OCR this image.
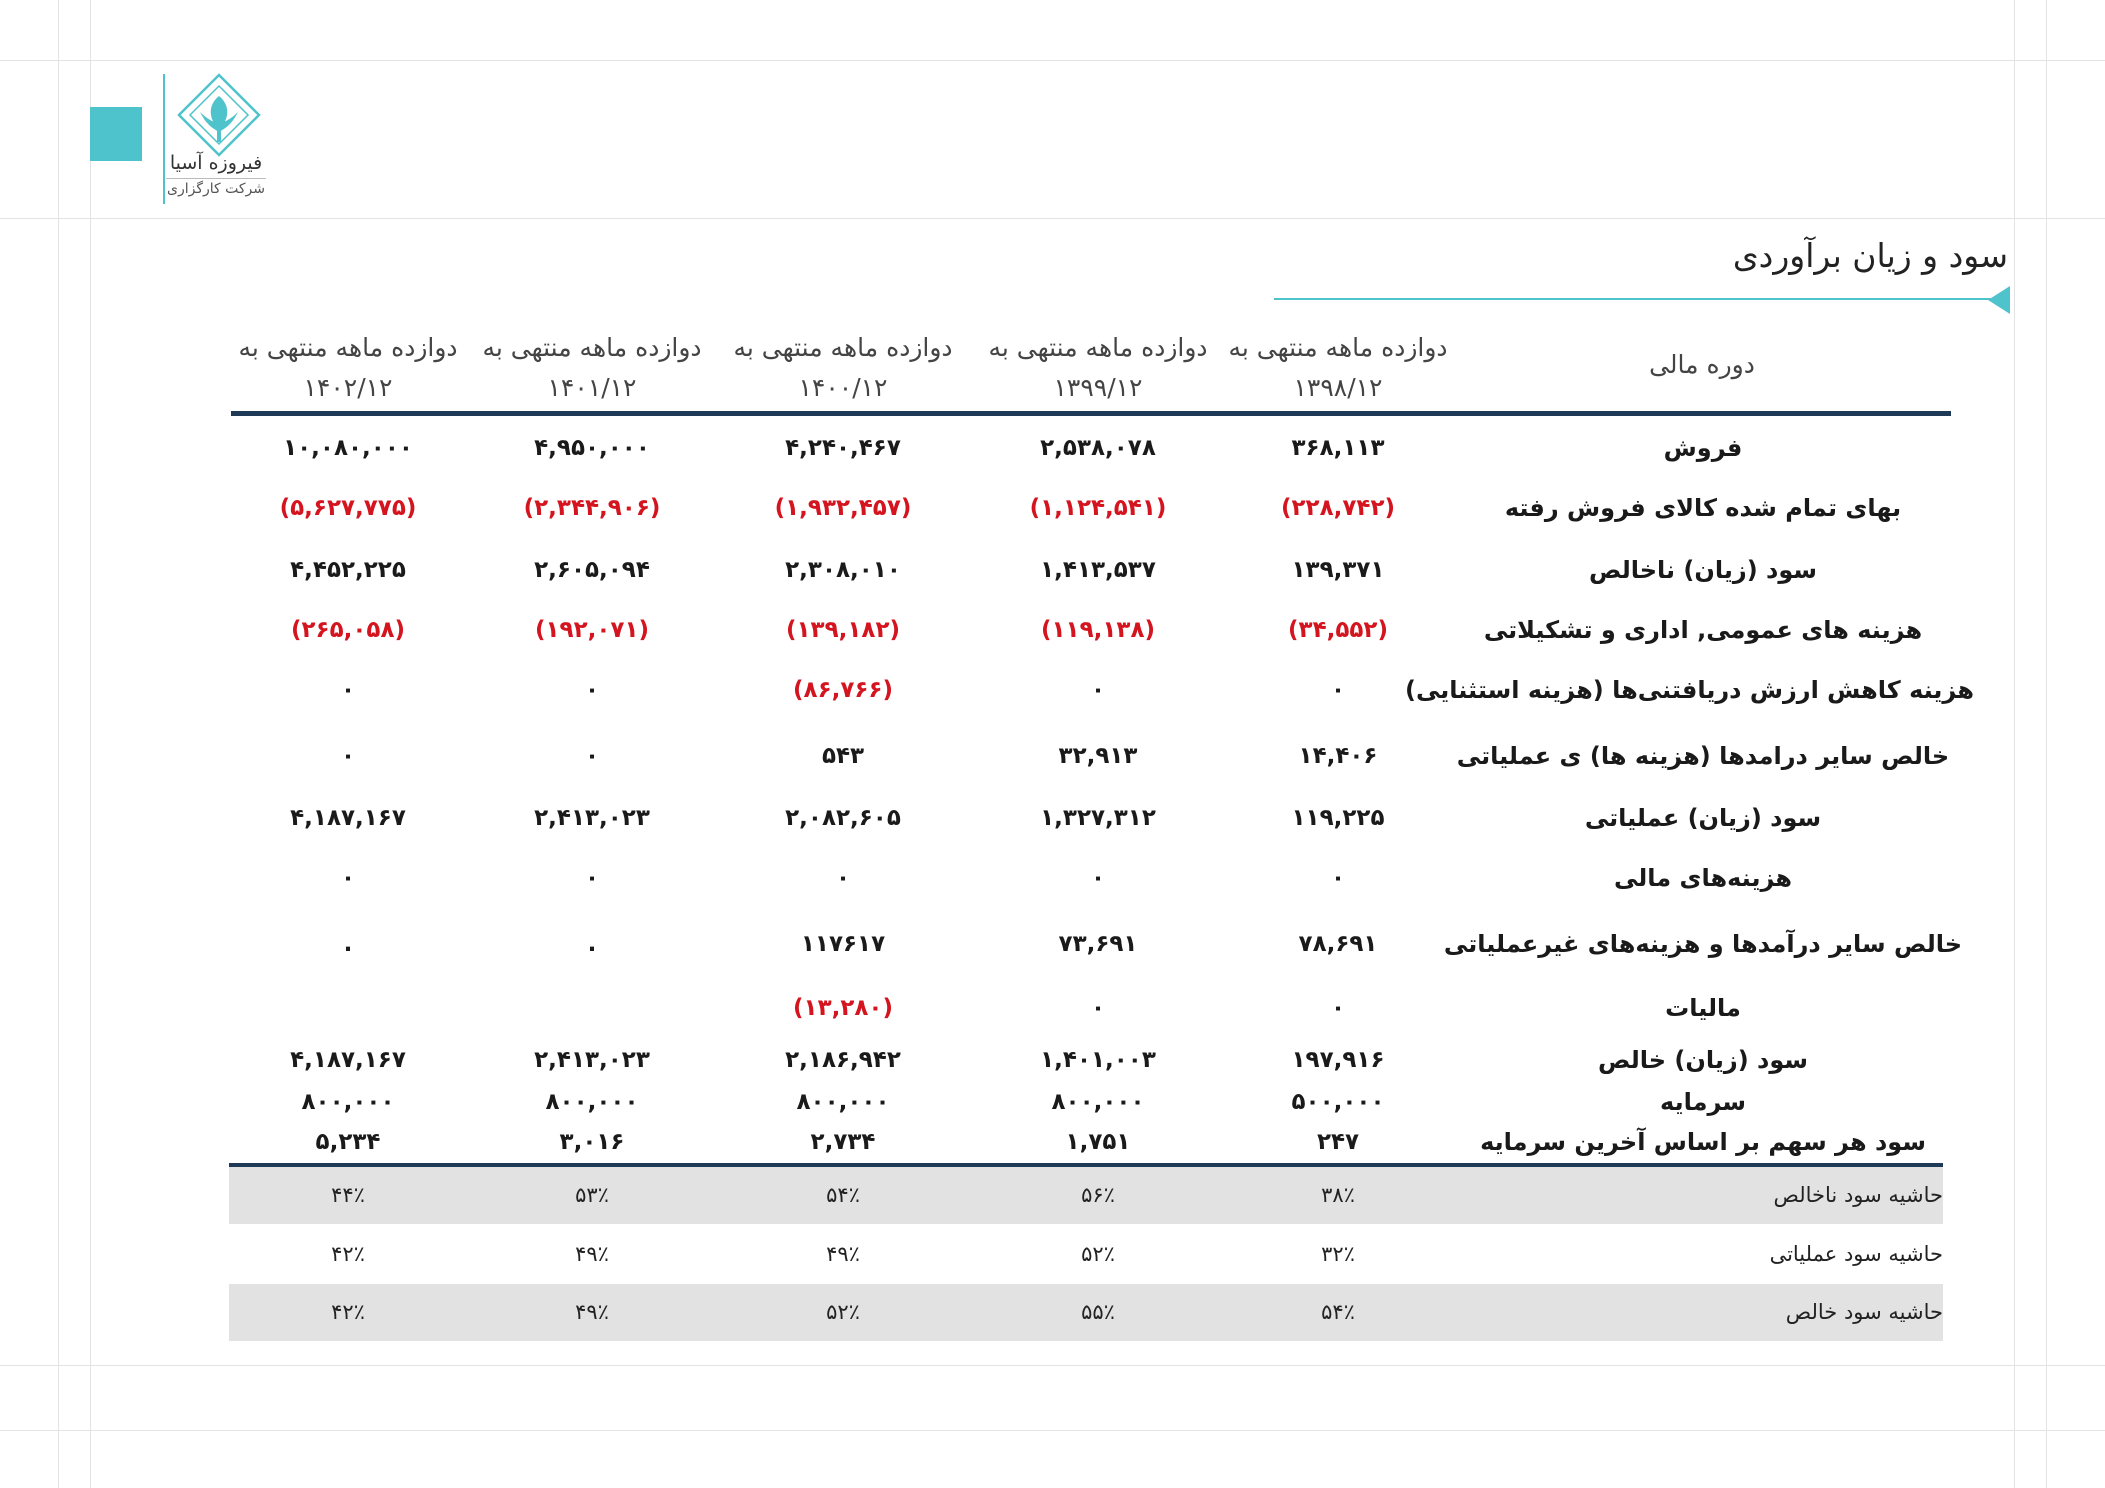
فیروزه آسیا
شرکت کارگزاری
سود و زیان برآوردی
دوره مالی
دوازده ماهه منتهی به
۱۳۹۸/۱۲
دوازده ماهه منتهی به
۱۳۹۹/۱۲
دوازده ماهه منتهی به
۱۴۰۰/۱۲
دوازده ماهه منتهی به
۱۴۰۱/۱۲
دوازده ماهه منتهی به
۱۴۰۲/۱۲
فروش
۳۶۸,۱۱۳
۲,۵۳۸,۰۷۸
۴,۲۴۰,۴۶۷
۴,۹۵۰,۰۰۰
۱۰,۰۸۰,۰۰۰
بهای تمام شده کالای فروش رفته
(۲۲۸,۷۴۲)
(۱,۱۲۴,۵۴۱)
(۱,۹۳۲,۴۵۷)
(۲,۳۴۴,۹۰۶)
(۵,۶۲۷,۷۷۵)
سود (زیان) ناخالص
۱۳۹,۳۷۱
۱,۴۱۳,۵۳۷
۲,۳۰۸,۰۱۰
۲,۶۰۵,۰۹۴
۴,۴۵۲,۲۲۵
هزینه های عمومی, اداری و تشکیلاتی
(۳۴,۵۵۲)
(۱۱۹,۱۳۸)
(۱۳۹,۱۸۲)
(۱۹۲,۰۷۱)
(۲۶۵,۰۵۸)
هزینه کاهش ارزش دریافتنی‌ها (هزینه استثنایی)
۰
۰
(۸۶,۷۶۶)
۰
۰
خالص سایر درامدها (هزینه ها) ی عملیاتی
۱۴,۴۰۶
۳۲,۹۱۳
۵۴۳
۰
۰
سود (زیان) عملیاتی
۱۱۹,۲۲۵
۱,۳۲۷,۳۱۲
۲,۰۸۲,۶۰۵
۲,۴۱۳,۰۲۳
۴,۱۸۷,۱۶۷
هزینه‌های مالی
۰
۰
۰
۰
۰
خالص سایر درآمدها و هزینه‌های غیرعملیاتی
۷۸,۶۹۱
۷۳,۶۹۱
۱۱۷۶۱۷
.
.
مالیات
۰
۰
(۱۳,۲۸۰)
سود (زیان) خالص
۱۹۷,۹۱۶
۱,۴۰۱,۰۰۳
۲,۱۸۶,۹۴۲
۲,۴۱۳,۰۲۳
۴,۱۸۷,۱۶۷
سرمایه
۵۰۰,۰۰۰
۸۰۰,۰۰۰
۸۰۰,۰۰۰
۸۰۰,۰۰۰
۸۰۰,۰۰۰
سود هر سهم بر اساس آخرین سرمایه
۲۴۷
۱,۷۵۱
۲,۷۳۴
۳,۰۱۶
۵,۲۳۴
حاشیه سود ناخالص
۳۸٪
۵۶٪
۵۴٪
۵۳٪
۴۴٪
حاشیه سود عملیاتی
۳۲٪
۵۲٪
۴۹٪
۴۹٪
۴۲٪
حاشیه سود خالص
۵۴٪
۵۵٪
۵۲٪
۴۹٪
۴۲٪
